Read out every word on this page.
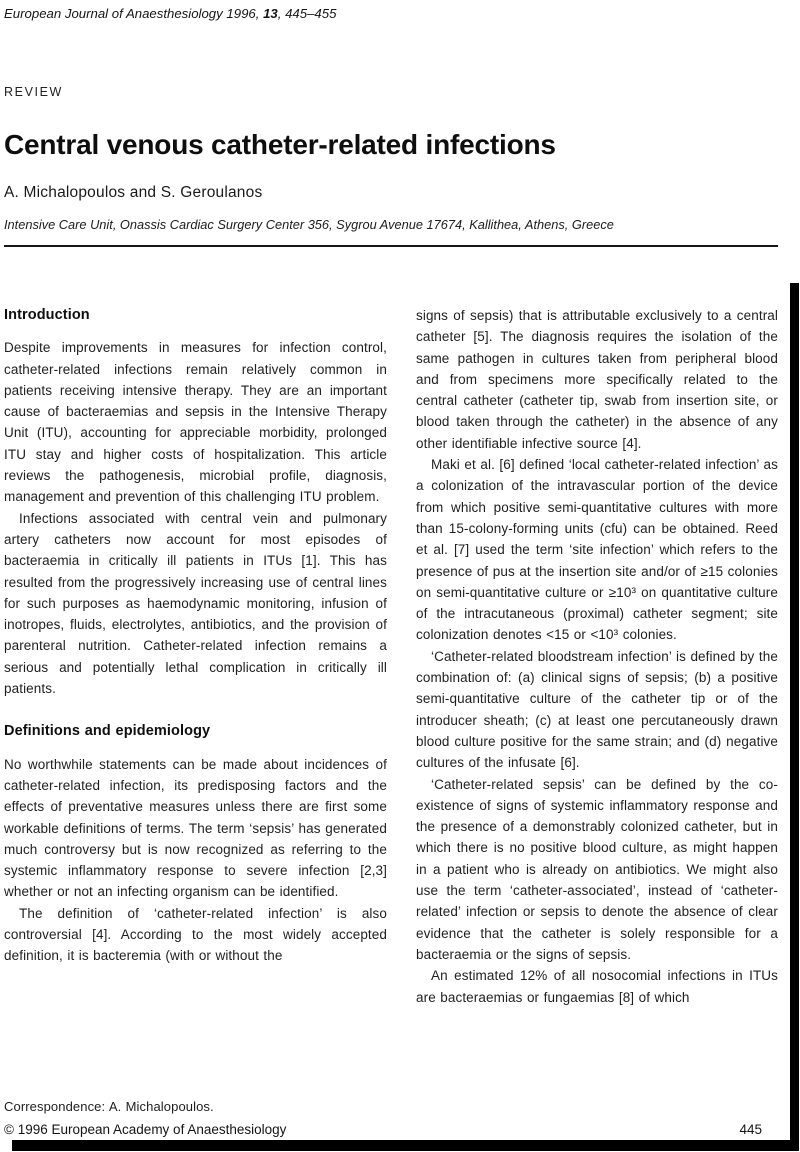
European Journal of Anaesthesiology 1996, 13, 445–455
REVIEW
Central venous catheter-related infections
A. Michalopoulos and S. Geroulanos
Intensive Care Unit, Onassis Cardiac Surgery Center 356, Sygrou Avenue 17674, Kallithea, Athens, Greece
Introduction

Despite improvements in measures for infection control, catheter-related infections remain relatively common in patients receiving intensive therapy. They are an important cause of bacteraemias and sepsis in the Intensive Therapy Unit (ITU), accounting for appreciable morbidity, prolonged ITU stay and higher costs of hospitalization. This article reviews the pathogenesis, microbial profile, diagnosis, management and prevention of this challenging ITU problem.

Infections associated with central vein and pulmonary artery catheters now account for most episodes of bacteraemia in critically ill patients in ITUs [1]. This has resulted from the progressively increasing use of central lines for such purposes as haemodynamic monitoring, infusion of inotropes, fluids, electrolytes, antibiotics, and the provision of parenteral nutrition. Catheter-related infection remains a serious and potentially lethal complication in critically ill patients.

Definitions and epidemiology

No worthwhile statements can be made about incidences of catheter-related infection, its predisposing factors and the effects of preventative measures unless there are first some workable definitions of terms. The term ‘sepsis’ has generated much controversy but is now recognized as referring to the systemic inflammatory response to severe infection [2,3] whether or not an infecting organism can be identified.

The definition of ‘catheter-related infection’ is also controversial [4]. According to the most widely accepted definition, it is bacteremia (with or without the

Correspondence: A. Michalopoulos.

signs of sepsis) that is attributable exclusively to a central catheter [5]. The diagnosis requires the isolation of the same pathogen in cultures taken from peripheral blood and from specimens more specifically related to the central catheter (catheter tip, swab from insertion site, or blood taken through the catheter) in the absence of any other identifiable infective source [4].

Maki et al. [6] defined ‘local catheter-related infection’ as a colonization of the intravascular portion of the device from which positive semi-quantitative cultures with more than 15-colony-forming units (cfu) can be obtained. Reed et al. [7] used the term ‘site infection’ which refers to the presence of pus at the insertion site and/or of ≥15 colonies on semi-quantitative culture or ≥10³ on quantitative culture of the intracutaneous (proximal) catheter segment; site colonization denotes <15 or <10³ colonies.

‘Catheter-related bloodstream infection’ is defined by the combination of: (a) clinical signs of sepsis; (b) a positive semi-quantitative culture of the catheter tip or of the introducer sheath; (c) at least one percutaneously drawn blood culture positive for the same strain; and (d) negative cultures of the infusate [6].

‘Catheter-related sepsis’ can be defined by the co-existence of signs of systemic inflammatory response and the presence of a demonstrably colonized catheter, but in which there is no positive blood culture, as might happen in a patient who is already on antibiotics. We might also use the term ‘catheter-associated’, instead of ‘catheter-related’ infection or sepsis to denote the absence of clear evidence that the catheter is solely responsible for a bacteraemia or the signs of sepsis.

An estimated 12% of all nosocomial infections in ITUs are bacteraemias or fungaemias [8] of which

© 1996 European Academy of Anaesthesiology	445
